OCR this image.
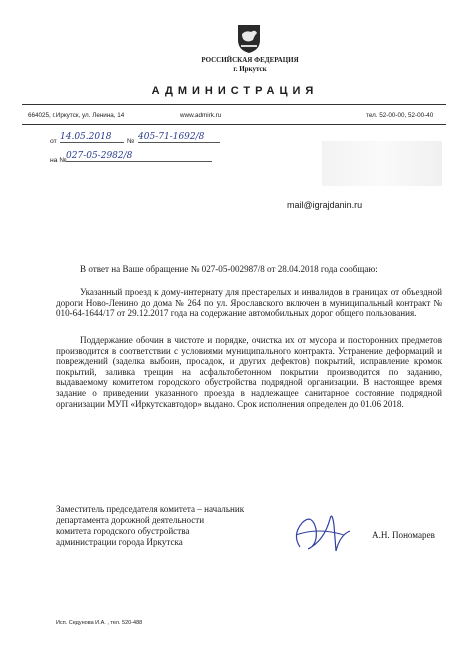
РОССИЙСКАЯ ФЕДЕРАЦИЯ
г. Иркутск
АДМИНИСТРАЦИЯ
664025, г.Иркутск, ул. Ленина, 14	www.admirk.ru	тел. 52-00-00, 52-00-40
от 14.05.2018	№ 405-71-1692/8
на № 027-05-2982/8
mail@igrajdanin.ru
В ответ на Ваше обращение № 027-05-002987/8 от 28.04.2018 года сообщаю:
Указанный проезд к дому-интернату для престарелых и инвалидов в границах от объездной дороги Ново-Ленино до дома № 264 по ул. Ярославского включен в муниципальный контракт № 010-64-1644/17 от 29.12.2017 года на содержание автомобильных дорог общего пользования.
Поддержание обочин в чистоте и порядке, очистка их от мусора и посторонних предметов производится в соответствии с условиями муниципального контракта. Устранение деформаций и повреждений (заделка выбоин, просадок, и других дефектов) покрытий, исправление кромок покрытий, заливка трещин на асфальтобетонном покрытии производится по заданию, выдаваемому комитетом городского обустройства подрядной организации. В настоящее время задание о приведении указанного проезда в надлежащее санитарное состояние подрядной организации МУП «Иркутскавтодор» выдано. Срок исполнения определен до 01.06 2018.
Заместитель председателя комитета – начальник
департамента дорожной деятельности
комитета городского обустройства
администрации города Иркутска
А.Н. Пономарев
Исп. Седунова И.А. , тел. 520-488
